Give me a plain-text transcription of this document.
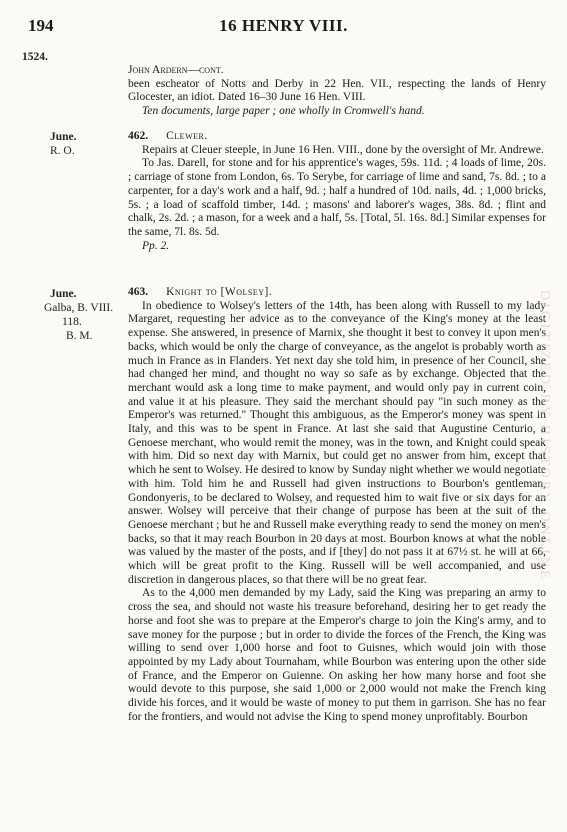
194	16 HENRY VIII.
1524.
John Ardern—cont.
been escheator of Notts and Derby in 22 Hen. VII., respecting the lands of Henry Glocester, an idiot. Dated 16–30 June 16 Hen. VIII.
Ten documents, large paper ; one wholly in Cromwell's hand.
June.
R. O.
462. Clewer.
Repairs at Cleuer steeple, in June 16 Hen. VIII., done by the oversight of Mr. Andrewe.
To Jas. Darell, for stone and for his apprentice's wages, 59s. 11d. ; 4 loads of lime, 20s. ; carriage of stone from London, 6s. To Serybe, for carriage of lime and sand, 7s. 8d. ; to a carpenter, for a day's work and a half, 9d. ; half a hundred of 10d. nails, 4d. ; 1,000 bricks, 5s. ; a load of scaffold timber, 14d. ; masons' and laborer's wages, 38s. 8d. ; flint and chalk, 2s. 2d. ; a mason, for a week and a half, 5s. [Total, 5l. 16s. 8d.] Similar expenses for the same, 7l. 8s. 5d.
Pp. 2.
June.
Galba, B. VIII.
118.
B. M.
463. Knight to [Wolsey].
In obedience to Wolsey's letters of the 14th, has been along with Russell to my lady Margaret, requesting her advice as to the conveyance of the King's money at the least expense. She answered, in presence of Marnix, she thought it best to convey it upon men's backs, which would be only the charge of conveyance, as the angelot is probably worth as much in France as in Flanders. Yet next day she told him, in presence of her Council, she had changed her mind, and thought no way so safe as by exchange. Objected that the merchant would ask a long time to make payment, and would only pay in current coin, and value it at his pleasure. They said the merchant should pay "in such money as the Emperor's was returned." Thought this ambiguous, as the Emperor's money was spent in Italy, and this was to be spent in France. At last she said that Augustine Centurio, a Genoese merchant, who would remit the money, was in the town, and Knight could speak with him. Did so next day with Marnix, but could get no answer from him, except that which he sent to Wolsey. He desired to know by Sunday night whether we would negotiate with him. Told him he and Russell had given instructions to Bourbon's gentleman, Gondonyeris, to be declared to Wolsey, and requested him to wait five or six days for an answer. Wolsey will perceive that their change of purpose has been at the suit of the Genoese merchant ; but he and Russell make everything ready to send the money on men's backs, so that it may reach Bourbon in 20 days at most. Bourbon knows at what the noble was valued by the master of the posts, and if [they] do not pass it at 67½ st. he will at 66, which will be great profit to the King. Russell will be well accompanied, and use discretion in dangerous places, so that there will be no great fear.
As to the 4,000 men demanded by my Lady, said the King was preparing an army to cross the sea, and should not waste his treasure beforehand, desiring her to get ready the horse and foot she was to prepare at the Emperor's charge to join the King's army, and to save money for the purpose ; but in order to divide the forces of the French, the King was willing to send over 1,000 horse and foot to Guisnes, which would join with those appointed by my Lady about Tournaham, while Bourbon was entering upon the other side of France, and the Emperor on Guienne. On asking her how many horse and foot she would devote to this purpose, she said 1,000 or 2,000 would not make the French king divide his forces, and it would be waste of money to put them in garrison. She has no fear for the frontiers, and would not advise the King to spend money unprofitably. Bourbon
DIGITIZED BY HISTORY ONLINE
